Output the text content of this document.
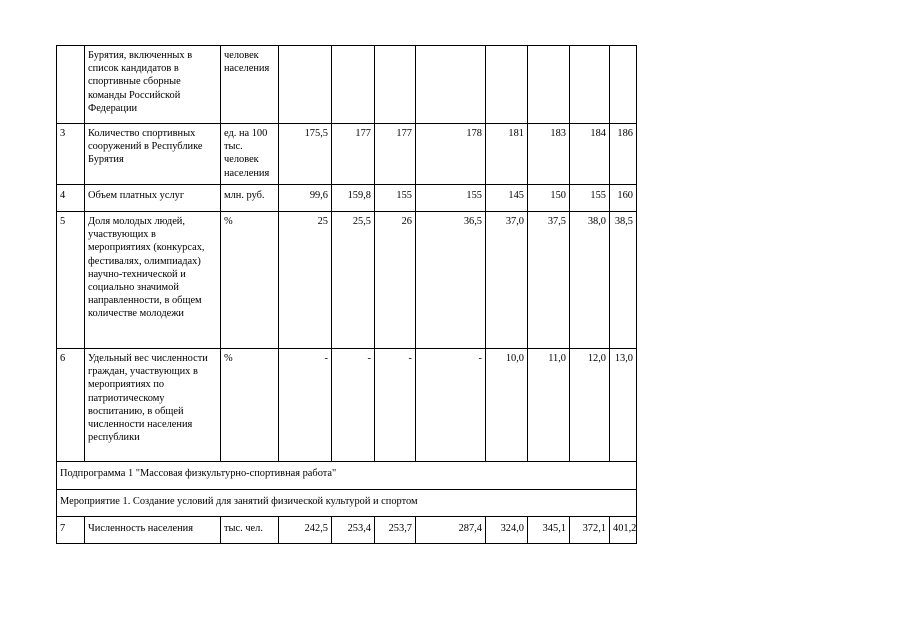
	Бурятия, включенных в список кандидатов в спортивные сборные команды Российской Федерации	человек населения								
3	Количество спортивных сооружений в Республике Бурятия	ед. на 100 тыс. человек населения	175,5	177	177	178	181	183	184	186
4	Объем платных услуг	млн. руб.	99,6	159,8	155	155	145	150	155	160
5	Доля молодых людей, участвующих в мероприятиях (конкурсах, фестивалях, олимпиадах) научно-технической и социально значимой направленности, в общем количестве молодежи	%	25	25,5	26	36,5	37,0	37,5	38,0	38,5
6	Удельный вес численности граждан, участвующих в мероприятиях по патриотическому воспитанию, в общей численности населения республики	%	-	-	-	-	10,0	11,0	12,0	13,0
Подпрограмма 1 "Массовая физкультурно-спортивная работа"										
Мероприятие 1. Создание условий для занятий физической культурой и спортом										
7	Численность населения	тыс. чел.	242,5	253,4	253,7	287,4	324,0	345,1	372,1	401,2
